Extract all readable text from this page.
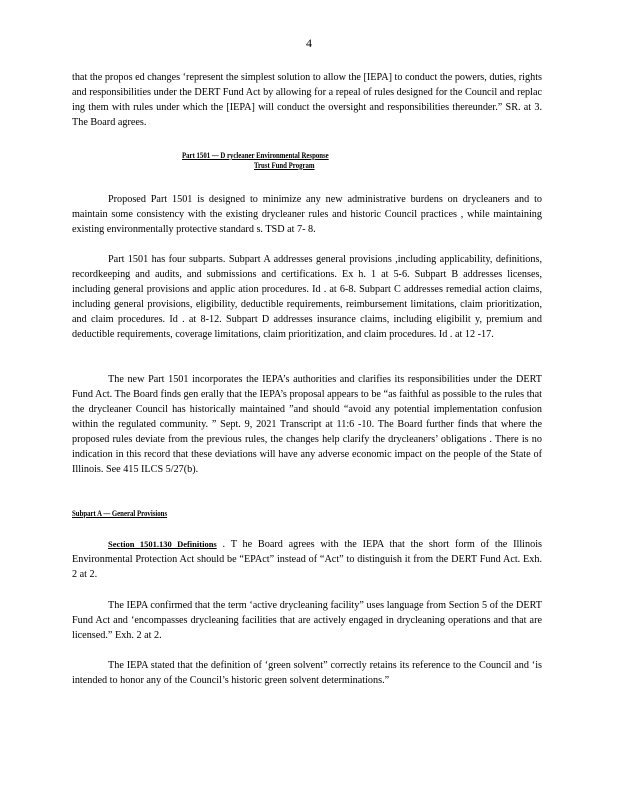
4
that the propos ed changes ‘represent the simplest solution to allow the [IEPA] to conduct the powers, duties, rights and responsibilities under the DERT Fund Act by allowing for a repeal of rules designed for the Council and replac ing them with rules under which the [IEPA] will conduct the oversight and responsibilities thereunder.” SR. at 3. The Board agrees.
Part 1501 — D rycleaner Environmental Response
Trust Fund Program
Proposed Part 1501 is designed to minimize any new administrative burdens on drycleaners and to maintain some consistency with the existing drycleaner rules and historic Council practices , while maintaining existing environmentally protective standard s. TSD at 7- 8.
Part 1501 has four subparts. Subpart A addresses general provisions ,including applicability, definitions, recordkeeping and audits, and submissions and certifications. Ex h. 1 at 5-6. Subpart B addresses licenses, including general provisions and applic ation procedures. Id . at 6-8. Subpart C addresses remedial action claims, including general provisions, eligibility, deductible requirements, reimbursement limitations, claim prioritization, and claim procedures. Id . at 8-12. Subpart D addresses insurance claims, including eligibilit y, premium and deductible requirements, coverage limitations, claim prioritization, and claim procedures. Id . at 12 -17.
The new Part 1501 incorporates the IEPA’s authorities and clarifies its responsibilities under the DERT Fund Act. The Board finds gen erally that the IEPA’s proposal appears to be “as faithful as possible to the rules that the drycleaner Council has historically maintained ”and should “avoid any potential implementation confusion within the regulated community. ” Sept. 9, 2021 Transcript at 11:6 -10. The Board further finds that where the proposed rules deviate from the previous rules, the changes help clarify the drycleaners’ obligations . There is no indication in this record that these deviations will have any adverse economic impact on the people of the State of Illinois. See 415 ILCS 5/27(b).
Subpart A — General Provisions
Section 1501.130 Definitions . T he Board agrees with the IEPA that the short form of the Illinois Environmental Protection Act should be “EPAct” instead of “Act” to distinguish it from the DERT Fund Act. Exh. 2 at 2.
The IEPA confirmed that the term ‘active drycleaning facility” uses language from Section 5 of the DERT Fund Act and ‘encompasses drycleaning facilities that are actively engaged in drycleaning operations and that are licensed.” Exh. 2 at 2.
The IEPA stated that the definition of ‘green solvent” correctly retains its reference to the Council and ‘is intended to honor any of the Council’s historic green solvent determinations.”
